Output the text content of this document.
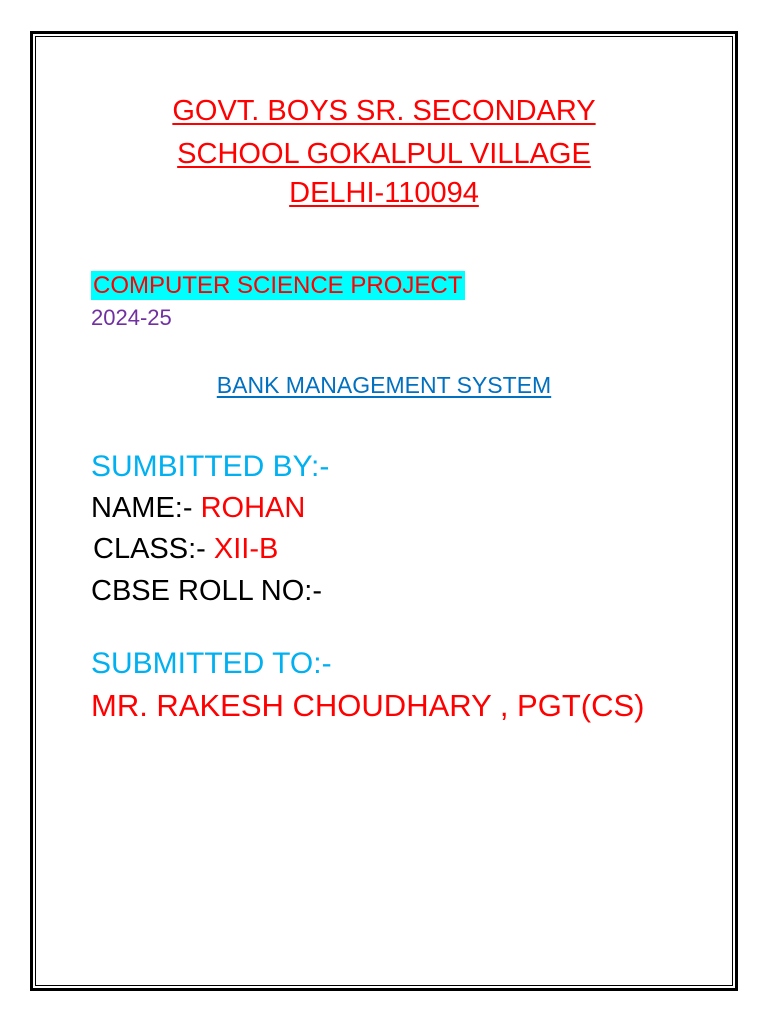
GOVT. BOYS SR. SECONDARY
SCHOOL GOKALPUL VILLAGE
DELHI-110094
COMPUTER SCIENCE PROJECT
2024-25
BANK MANAGEMENT SYSTEM
SUMBITTED BY:-
NAME:- ROHAN
CLASS:- XII-B
CBSE ROLL NO:-
SUBMITTED TO:-
MR. RAKESH CHOUDHARY , PGT(CS)
